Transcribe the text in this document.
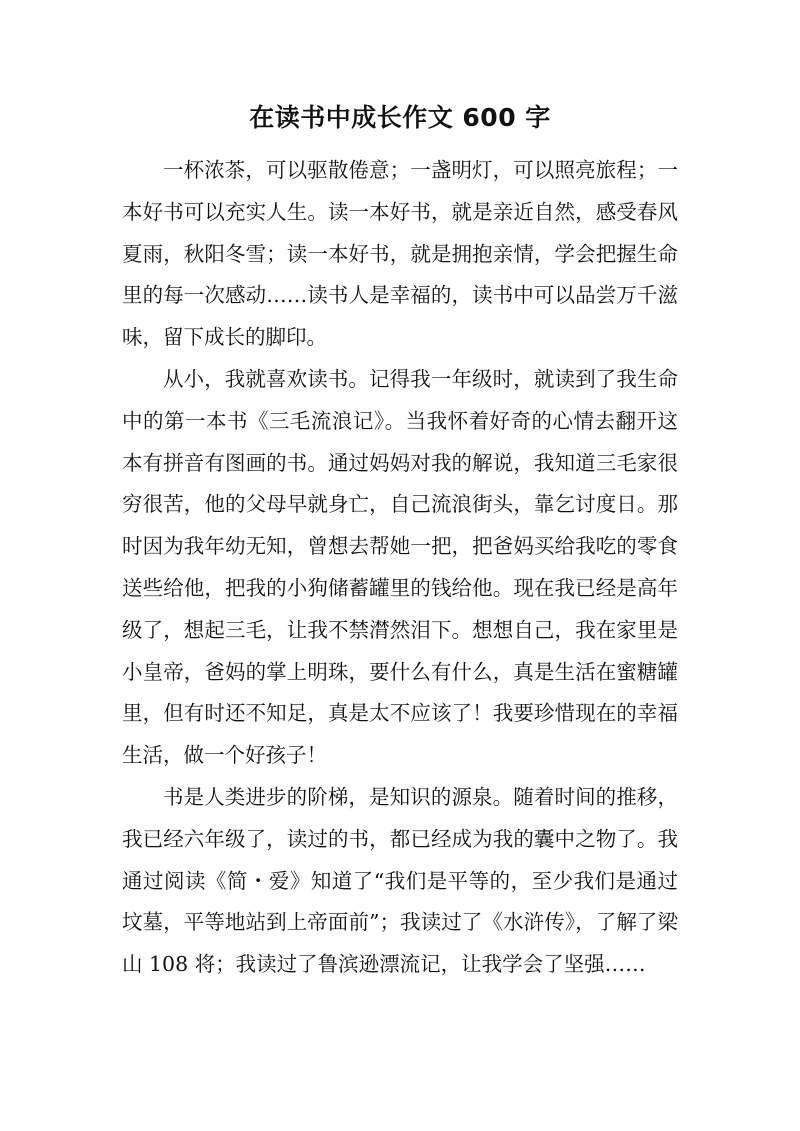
在读书中成长作文 600 字

一杯浓茶，可以驱散倦意；一盏明灯，可以照亮旅程；一本好书可以充实人生。读一本好书，就是亲近自然，感受春风夏雨，秋阳冬雪；读一本好书，就是拥抱亲情，学会把握生命里的每一次感动……读书人是幸福的，读书中可以品尝万千滋味，留下成长的脚印。

从小，我就喜欢读书。记得我一年级时，就读到了我生命中的第一本书《三毛流浪记》。当我怀着好奇的心情去翻开这本有拼音有图画的书。通过妈妈对我的解说，我知道三毛家很穷很苦，他的父母早就身亡，自己流浪街头，靠乞讨度日。那时因为我年幼无知，曾想去帮她一把，把爸妈买给我吃的零食送些给他，把我的小狗储蓄罐里的钱给他。现在我已经是高年级了，想起三毛，让我不禁潸然泪下。想想自己，我在家里是小皇帝，爸妈的掌上明珠，要什么有什么，真是生活在蜜糖罐里，但有时还不知足，真是太不应该了！我要珍惜现在的幸福生活，做一个好孩子！

书是人类进步的阶梯，是知识的源泉。随着时间的推移，我已经六年级了，读过的书，都已经成为我的囊中之物了。我通过阅读《简・爱》知道了“我们是平等的，至少我们是通过坟墓，平等地站到上帝面前”；我读过了《水浒传》，了解了梁山 108 将；我读过了鲁滨逊漂流记，让我学会了坚强……
